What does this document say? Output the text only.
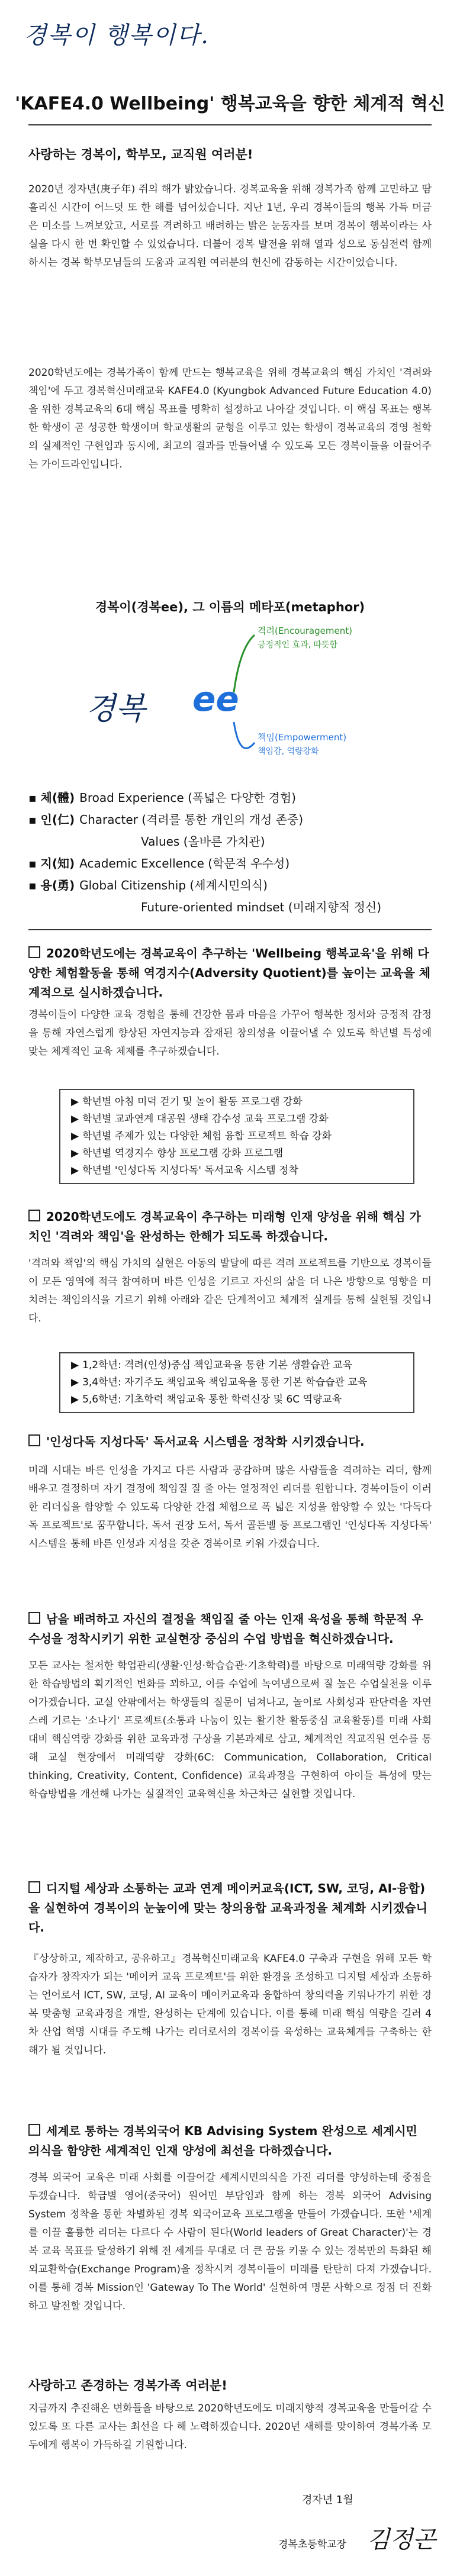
경복이 행복이다.
'KAFE4.0 Wellbeing' 행복교육을 향한 체계적 혁신
사랑하는 경복이, 학부모, 교직원 여러분!

2020년 경자년(庚子年) 쥐의 해가 밝았습니다. 경복교육을 위해 경복가족 함께 고민하고 땀 흘리신 시간이 어느덧 또 한 해를 넘어섰습니다. 지난 1년, 우리 경복이들의 행복 가득 머금은 미소를 느껴보았고, 서로를 격려하고 배려하는 밝은 눈동자를 보며 경복이 행복이라는 사실을 다시 한 번 확인할 수 있었습니다. 더불어 경복 발전을 위해 열과 성으로 동심전력 함께하시는 경복 학부모님들의 도움과 교직원 여러분의 헌신에 감동하는 시간이었습니다.

2020학년도에는 경복가족이 함께 만드는 행복교육을 위해 경복교육의 핵심 가치인 '격려와 책임'에 두고 경복혁신미래교육 KAFE4.0 (Kyungbok Advanced Future Education 4.0)을 위한 경복교육의 6대 핵심 목표를 명확히 설정하고 나아갈 것입니다. 이 핵심 목표는 행복한 학생이 곧 성공한 학생이며 학교생활의 균형을 이루고 있는 학생이 경복교육의 경영 철학의 실제적인 구현임과 동시에, 최고의 결과를 만들어낼 수 있도록 모든 경복이들을 이끌어주는 가이드라인입니다.

경복이(경복ee), 그 이름의 메타포(metaphor)
경복 ee
격려(Encouragement)
긍정적인 효과, 따뜻함
책임(Empowerment)
책임감, 역량강화
▪ 체(體) Broad Experience (폭넓은 다양한 경험)
▪ 인(仁) Character (격려를 통한 개인의 개성 존중)
Values (올바른 가치관)
▪ 지(知) Academic Excellence (학문적 우수성)
▪ 용(勇) Global Citizenship (세계시민의식)
Future-oriented mindset (미래지향적 정신)
2020학년도에는 경복교육이 추구하는 'Wellbeing 행복교육'을 위해 다양한 체험활동을 통해 역경지수(Adversity Quotient)를 높이는 교육을 체계적으로 실시하겠습니다.

경복이들이 다양한 교육 경험을 통해 건강한 몸과 마음을 가꾸어 행복한 정서와 긍정적 감정을 통해 자연스럽게 향상된 자연지능과 잠재된 창의성을 이끌어낼 수 있도록 학년별 특성에 맞는 체계적인 교육 체제를 추구하겠습니다.

▶ 학년별 아침 미덕 걷기 및 놀이 활동 프로그램 강화
▶ 학년별 교과연계 대공원 생태 감수성 교육 프로그램 강화
▶ 학년별 주제가 있는 다양한 체험 융합 프로젝트 학습 강화
▶ 학년별 역경지수 향상 프로그램 강화 프로그램
▶ 학년별 '인성다독 지성다독' 독서교육 시스템 정착
2020학년도에도 경복교육이 추구하는 미래형 인재 양성을 위해 핵심 가치인 '격려와 책임'을 완성하는 한해가 되도록 하겠습니다.

'격려와 책임'의 핵심 가치의 실현은 아동의 발달에 따른 격려 프로젝트를 기반으로 경복이들이 모든 영역에 적극 참여하며 바른 인성을 기르고 자신의 삶을 더 나은 방향으로 영향을 미치려는 책임의식을 기르기 위해 아래와 같은 단계적이고 체계적 실계를 통해 실현될 것입니다.

▶ 1,2학년: 격려(인성)중심 책임교육을 통한 기본 생활습관 교육
▶ 3,4학년: 자기주도 책임교육 책임교육을 통한 기본 학습습관 교육
▶ 5,6학년: 기초학력 책임교육 통한 학력신장 및 6C 역량교육
'인성다독 지성다독' 독서교육 시스템을 정착화 시키겠습니다.

미래 시대는 바른 인성을 가지고 다른 사람과 공감하며 많은 사람들을 격려하는 리더, 함께 배우고 결정하며 자기 결정에 책임질 질 줄 아는 열정적인 리더를 원합니다. 경복이들이 이러한 리더십을 함양할 수 있도록 다양한 간접 체험으로 폭 넓은 지성을 함양할 수 있는 '다독다독 프로젝트'로 꿈꾸합니다. 독서 권장 도서, 독서 골든벨 등 프로그램인 '인성다독 지성다독' 시스템을 통해 바른 인성과 지성을 갖춘 경복이로 키워 가겠습니다.

남을 배려하고 자신의 결정을 책임질 줄 아는 인재 육성을 통해 학문적 우수성을 정착시키기 위한 교실현장 중심의 수업 방법을 혁신하겠습니다.

모든 교사는 철저한 학업관리(생활·인성·학습습관·기초학력)를 바탕으로 미래역량 강화를 위한 학습방법의 획기적인 변화를 꾀하고, 이를 수업에 녹여냄으로써 질 높은 수업실천을 이루어가겠습니다. 교실 안팎에서는 학생들의 질문이 넘쳐나고, 놀이로 사회성과 판단력을 자연스레 기르는 '소나기' 프로젝트(소통과 나눔이 있는 활기찬 활동중심 교육활동)를 미래 사회대비 핵심역량 강화를 위한 교육과정 구상을 기본과제로 삼고, 체계적인 직교직원 연수를 통해 교실 현장에서 미래역량 강화(6C: Communication, Collaboration, Critical thinking, Creativity, Content, Confidence) 교육과정을 구현하여 아이들 특성에 맞는 학습방법을 개선해 나가는 실질적인 교육혁신을 차근차근 실현할 것입니다.

디지털 세상과 소통하는 교과 연계 메이커교육(ICT, SW, 코딩, AI-융합)을 실현하여 경복이의 눈높이에 맞는 창의융합 교육과정을 체계화 시키겠습니다.

『상상하고, 제작하고, 공유하고』경복혁신미래교육 KAFE4.0 구축과 구현을 위해 모든 학습자가 창작자가 되는 '메이커 교육 프로젝트'를 위한 환경을 조성하고 디지털 세상과 소통하는 언어로서 ICT, SW, 코딩, AI 교육이 메이커교육과 융합하여 창의력을 키워나가기 위한 경복 맞춤형 교육과정을 개발, 완성하는 단계에 있습니다. 이를 통해 미래 핵심 역량을 길러 4차 산업 혁명 시대를 주도해 나가는 리더로서의 경복이를 육성하는 교육체계를 구축하는 한 해가 될 것입니다.

세계로 통하는 경복외국어 KB Advising System 완성으로 세계시민 의식을 함양한 세계적인 인재 양성에 최선을 다하겠습니다.

경복 외국어 교육은 미래 사회를 이끌어갈 세계시민의식을 가진 리더를 양성하는데 중점을 두겠습니다. 학급별 영어(중국어) 원어민 부담임과 함께 하는 경복 외국어 Advising System 정착을 통한 차별화된 경복 외국어교육 프로그램을 만들어 가겠습니다. 또한 '세계를 이끌 훌륭한 리더는 다르다 수 사람이 된다(World leaders of Great Character)'는 경복 교육 목표를 달성하기 위해 전 세계를 무대로 더 큰 꿈을 키울 수 있는 경복만의 특화된 해외교환학습(Exchange Program)을 정착시켜 경복이들이 미래를 탄탄히 다져 가겠습니다. 이를 통해 경복 Mission인 'Gateway To The World' 실현하여 명문 사학으로 정점 더 진화하고 발전할 것입니다.

사랑하고 존경하는 경복가족 여러분!

지금까지 추진해온 변화들을 바탕으로 2020학년도에도 미래지향적 경복교육을 만들어갈 수 있도록 또 다른 교사는 최선을 다 해 노력하겠습니다. 2020년 새해를 맞이하여 경복가족 모두에게 행복이 가득하길 기원합니다.

경자년 1월
경복초등학교장 김정곤
